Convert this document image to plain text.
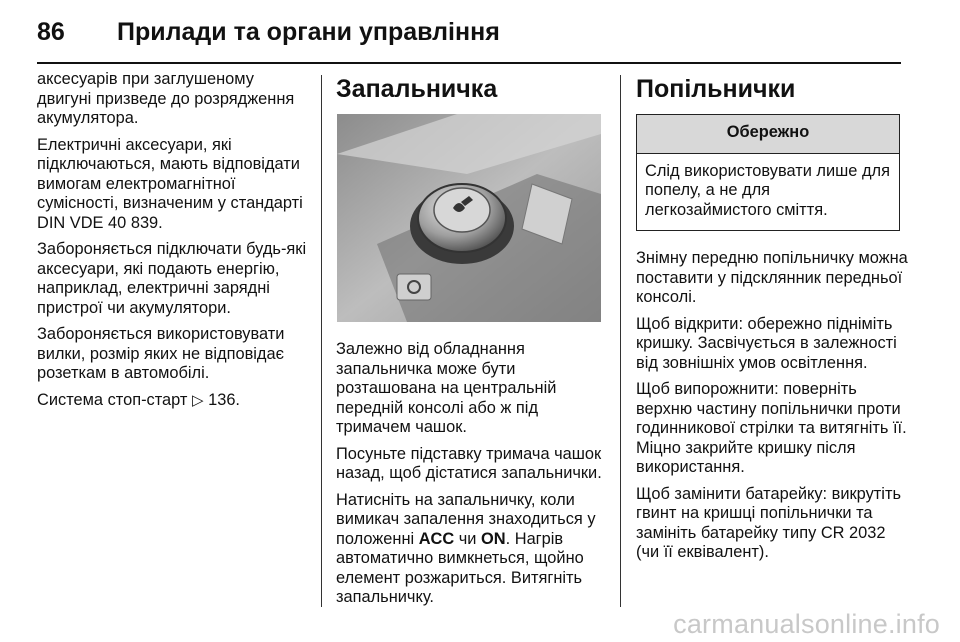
86 Прилади та органи управління

аксесуарів при заглушеному двигуні призведе до розрядження акумулятора.

Електричні аксесуари, які підключаються, мають відповідати вимогам електромагнітної сумісності, визначеним у стандарті DIN VDE 40 839.

Забороняється підключати будь-які аксесуари, які подають енергію, наприклад, електричні зарядні пристрої чи акумулятори.

Забороняється використовувати вилки, розмір яких не відповідає розеткам в автомобілі.

Система стоп-старт ▷ 136.

Запальничка

Залежно від обладнання запальничка може бути розташована на центральній передній консолі або ж під тримачем чашок.

Посуньте підставку тримача чашок назад, щоб дістатися запальнички.

Натисніть на запальничку, коли вимикач запалення знаходиться у положенні ACC чи ON. Нагрів автоматично вимкнеться, щойно елемент розжариться. Витягніть запальничку.

Попільнички
Обережно
Слід використовувати лише для попелу, а не для легкозаймистого сміття.

Знімну передню попільничку можна поставити у підсклянник передньої консолі.

Щоб відкрити: обережно підніміть кришку. Засвічується в залежності від зовнішніх умов освітлення.

Щоб випорожнити: поверніть верхню частину попільнички проти годинникової стрілки та витягніть її. Міцно закрийте кришку після використання.

Щоб замінити батарейку: викрутіть гвинт на кришці попільнички та замініть батарейку типу CR 2032 (чи її еквівалент).

carmanualsonline.info
